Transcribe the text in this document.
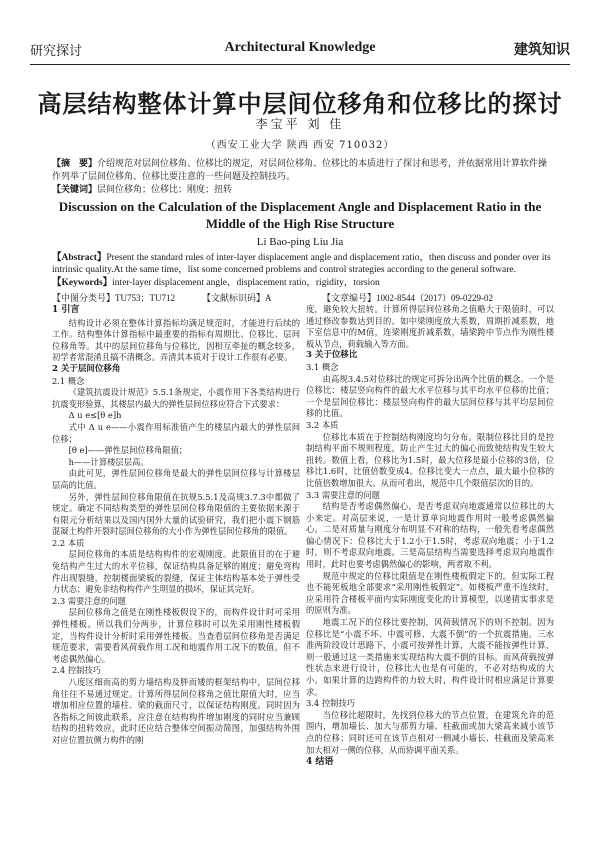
研究探讨	Architectural Knowledge	建筑知识
高层结构整体计算中层间位移角和位移比的探讨
李宝平 刘 佳
（西安工业大学 陕西 西安 710032）
【摘　要】介绍规范对层间位移角、位移比的规定，对层间位移角、位移比的本质进行了探讨和思考，并依据常用计算软件操作列举了层间位移角、位移比要注意的一些问题及控制技巧。
【关键词】层间位移角；位移比；刚度；扭转
Discussion on the Calculation of the Displacement Angle and Displacement Ratio in the Middle of the High Rise Structure
Li Bao-ping Liu Jia
【Abstract】Present the standard rules of inter-layer displacement angle and displacement ratio，then discuss and ponder over its intrinsic quality.At the same time，list some concerned problems and control strategies according to the general software.
【Keywords】inter-layer displacement angle，displacement ratio，rigidity，torsion
【中图分类号】TU753；TU712	【文献标识码】A	【文章编号】1002-8544（2017）09-0229-02
1 引言

结构设计必须在整体计算指标均满足规范时，才能进行后续的工作。结构整体计算指标中最重要的指标有周期比、位移比、层间位移角等。其中的层间位移角与位移比，因相互牵扯的概念较多，初学者常混淆且搞不清概念。弄清其本质对于设计工作很有必要。

2 关于层间位移角
2.1 概念

《建筑抗震设计规范》5.5.1条规定，小震作用下各类结构进行抗震变形验算，其楼层内最大的弹性层间位移应符合下式要求：

Δ u e≤[θ e]h

式中 Δ u e——小震作用标准值产生的楼层内最大的弹性层间位移；

[θ e]——弹性层间位移角限值；

h——计算楼层层高。

由此可见，弹性层间位移角是最大的弹性层间位移与计算楼层层高的比值。

另外，弹性层间位移角限值在抗规5.5.1及高规3.7.3中都做了规定。确定不同结构类型的弹性层间位移角限值的主要依据来源于有限元分析结果以及国内国外大量的试验研究，我们把小震下钢筋混凝土构件开裂时层间位移角的大小作为弹性层间位移角的限值。

2.2 本质

层间位移角的本质是结构构件的宏观刚度。此限值目的在于避免结构产生过大的水平位移，保证结构具备足够的刚度；避免弯构件出现裂缝，控制楼面梁板的裂缝，保证主体结构基本处于弹性受力状态；避免非结构构件产生明显的损坏，保证其完好。

2.3 需要注意的问题

层间位移角之值是在刚性楼板假设下的，而构件设计时可采用弹性楼板。所以我们分两步，计算位移时可以先采用刚性楼板假定，当构件设计分析时采用弹性楼板。当查看层间位移角是否满足规范要求，需要看风荷载作用工况和地震作用工况下的数值，但不考虑偶然偏心。

2.4 控制技巧

八度区细而高的剪力墙结构及胖而矮的框架结构中，层间位移角往往不易通过规定。计算所得层间位移角之值比限值大时，应当增加相应位置的墙柱、梁的截面尺寸，以保证结构刚度。同时因为各指标之间彼此联系，应注意在结构构件增加刚度的同时应当兼顾结构的扭转效应，此时还应结合整体空间振动简图，加强结构外围对应位置抗侧力构件的刚

度，避免较大扭转。计算所得层间位移角之值略大于限值时，可以通过修改参数达到目的。如中梁刚度放大系数，周期折减系数，地下室信息中的M值，连梁刚度折减系数，墙梁跨中节点作为刚性楼板从节点，荷载输入等方面。

3 关于位移比
3.1 概念

由高规3.4.5对位移比的规定可拆分出两个比值的概念。一个是位移比：楼层竖向构件的最大水平位移与其平均水平位移的比值；一个是层间位移比：楼层竖向构件的最大层间位移与其平均层间位移的比值。

3.2 本质

位移比本质在于控制结构刚度均匀分布。限制位移比目的是控制结构平面不规则程度，防止产生过大的偏心而致使结构发生较大扭转。数值上看，位移比为1.5时，最大位移是最小位移的3倍，位移比1.6时，比值倍数变成4。位移比变大一点点，最大最小位移的比值倍数增加很大。从而可看出，规范中几个限值层次的目的。

3.3 需要注意的问题

结构是否考虑偶然偏心，是否考虑双向地震通常以位移比的大小来定。对高层来说，一是计算单向地震作用时一般考虑偶然偏心。二是对质量与刚度分布明显不对称的结构，一般先看考虑偶然偏心情况下：位移比大于1.2小于1.5时，考虑双向地震；小于1.2时，则不考虑双向地震。三是高层结构当需要选择考虑双向地震作用时，此时也要考虑偶然偏心的影响，两者取不利。

规范中规定的位移比限值是在刚性楼板假定下的。但实际工程也不能死板地全部要求“采用刚性板假定”。如楼板严重不连续时，应采用符合楼板平面内实际刚度变化的计算模型，以递猜实事求是的原则为准。

地震工况下的位移比要控制，风荷载情况下的则不控制。因为位移比是“小震不坏、中震可修、大震不倒”的一个抗震措施。三水准两阶段设计思路下，小震可按弹性计算，大震不能按弹性计算，则一般通过这一类措施来实现结构大震不倒的目标。而风荷载按弹性状态来进行设计，位移比大也是有可能的，不必对结构成的大小。如果计算的边跨构件的力较大时，构件设计时相应满足计算要求。

3.4 控制技巧

当位移比超限时，先找到位移大的节点位置，在建筑允许的范围内，增加墙长、加大与那剪力墙、柱截面或加大梁高来减小该节点的位移；同时还可在该节点相对一侧减小墙长、柱截面及梁高来加大相对一侧的位移，从而协调平面关系。

4 结语
